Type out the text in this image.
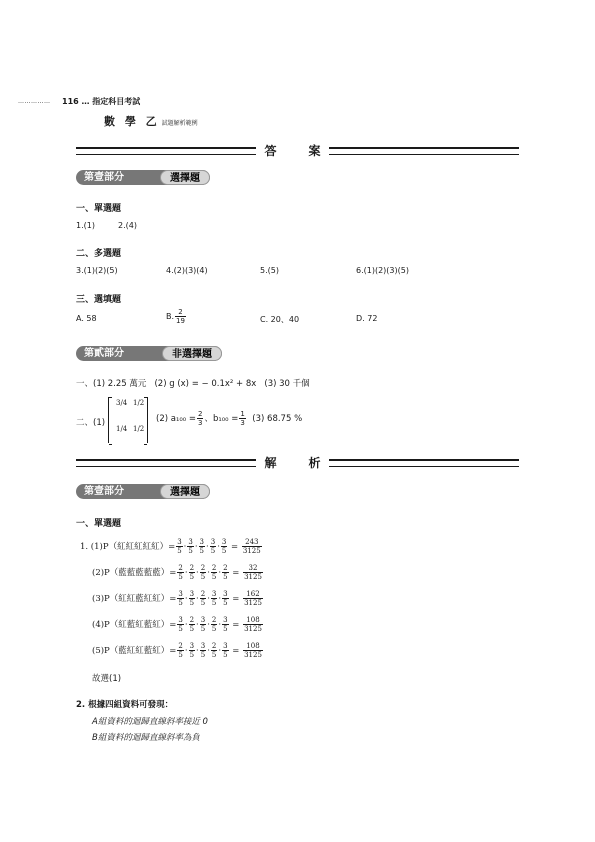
…………… 116 … 指定科目考試
數 學 乙 試題解析範例
答　案
第壹部分	選擇題
一、單選題
1.(1)	2.(4)
二、多選題
3.(1)(2)(5)	4.(2)(3)(4)	5.(5)	6.(1)(2)(3)(5)
三、選填題
A. 58	B. $\frac{2}{19}$	C. 20、40	D. 72
第貳部分	非選擇題
一、(1) 2.25 萬元 (2) g (x) = − 0.1x² + 8x (3) 30 千個
二、(1)
3/4 1/2
1/4 1/2
(2) $a_{100} = \frac{2}{3}$ 、$b_{100} = \frac{1}{3} (3)$ 68.75 %
解　析
第壹部分	選擇題
一、單選題
1. (1)P（紅紅紅紅紅）= $\frac{3}{5} \cdot \frac{3}{5} \cdot \frac{3}{5} \cdot \frac{3}{5} \cdot \frac{3}{5} = \frac{243}{3125}$
(2)P（藍藍藍藍藍）= $\frac{2}{5} \cdot \frac{2}{5} \cdot \frac{2}{5} \cdot \frac{2}{5} \cdot \frac{2}{5} = \frac{32}{3125}$
(3)P（紅紅藍紅紅）= $\frac{3}{5} \cdot \frac{3}{5} \cdot \frac{2}{5} \cdot \frac{3}{5} \cdot \frac{3}{5} = \frac{162}{3125}$
(4)P（紅藍紅藍紅）= $\frac{3}{5} \cdot \frac{2}{5} \cdot \frac{3}{5} \cdot \frac{2}{5} \cdot \frac{3}{5} = \frac{108}{3125}$
(5)P（藍紅紅藍紅）= $\frac{2}{5} \cdot \frac{3}{5} \cdot \frac{3}{5} \cdot \frac{2}{5} \cdot \frac{3}{5} = \frac{108}{3125}$
故選(1)
2. 根據四組資料可發現：
A組資料的迴歸直線斜率接近 0
B組資料的迴歸直線斜率為負
